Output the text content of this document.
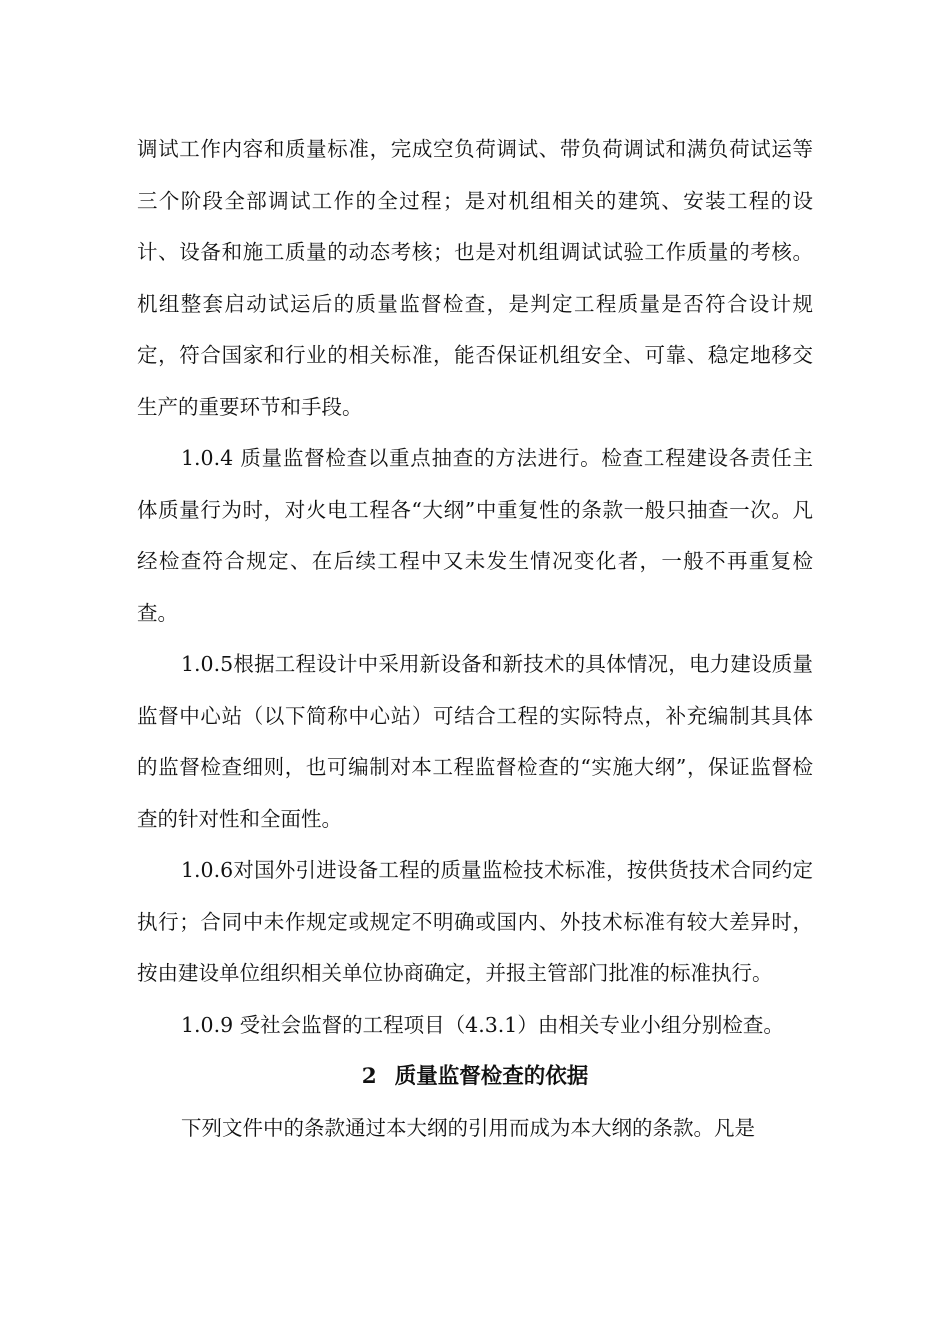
调试工作内容和质量标准，完成空负荷调试、带负荷调试和满负荷试运等三个阶段全部调试工作的全过程；是对机组相关的建筑、安装工程的设计、设备和施工质量的动态考核；也是对机组调试试验工作质量的考核。机组整套启动试运后的质量监督检查，是判定工程质量是否符合设计规定，符合国家和行业的相关标准，能否保证机组安全、可靠、稳定地移交生产的重要环节和手段。

1.0.4 质量监督检查以重点抽查的方法进行。检查工程建设各责任主体质量行为时，对火电工程各“大纲”中重复性的条款一般只抽查一次。凡经检查符合规定、在后续工程中又未发生情况变化者，一般不再重复检查。

1.0.5根据工程设计中采用新设备和新技术的具体情况，电力建设质量监督中心站（以下简称中心站）可结合工程的实际特点，补充编制其具体的监督检查细则，也可编制对本工程监督检查的“实施大纲”，保证监督检查的针对性和全面性。

1.0.6对国外引进设备工程的质量监检技术标准，按供货技术合同约定执行；合同中未作规定或规定不明确或国内、外技术标准有较大差异时，按由建设单位组织相关单位协商确定，并报主管部门批准的标准执行。

1.0.9 受社会监督的工程项目（4.3.1）由相关专业小组分别检查。

2 质量监督检查的依据

下列文件中的条款通过本大纲的引用而成为本大纲的条款。凡是
